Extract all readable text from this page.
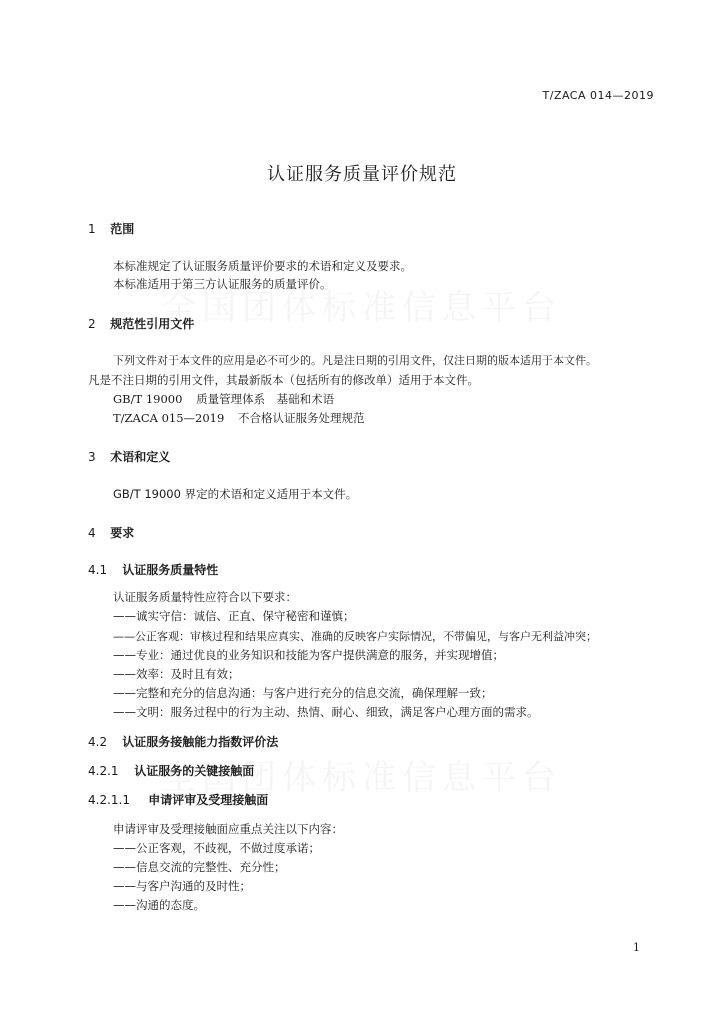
T/ZACA 014—2019
认证服务质量评价规范
1 范围
本标准规定了认证服务质量评价要求的术语和定义及要求。
本标准适用于第三方认证服务的质量评价。
2 规范性引用文件
下列文件对于本文件的应用是必不可少的。凡是注日期的引用文件，仅注日期的版本适用于本文件。
凡是不注日期的引用文件，其最新版本（包括所有的修改单）适用于本文件。
GB/T 19000 质量管理体系　基础和术语
T/ZACA 015—2019 不合格认证服务处理规范
3 术语和定义
GB/T 19000 界定的术语和定义适用于本文件。
4 要求
4.1 认证服务质量特性
认证服务质量特性应符合以下要求：
——诚实守信：诚信、正直、保守秘密和谨慎；
——公正客观：审核过程和结果应真实、准确的反映客户实际情况，不带偏见，与客户无利益冲突；
——专业：通过优良的业务知识和技能为客户提供满意的服务，并实现增值；
——效率：及时且有效；
——完整和充分的信息沟通：与客户进行充分的信息交流，确保理解一致；
——文明：服务过程中的行为主动、热情、耐心、细致，满足客户心理方面的需求。
4.2 认证服务接触能力指数评价法
4.2.1 认证服务的关键接触面
4.2.1.1 申请评审及受理接触面
申请评审及受理接触面应重点关注以下内容：
——公正客观，不歧视，不做过度承诺；
——信息交流的完整性、充分性；
——与客户沟通的及时性；
——沟通的态度。
1
